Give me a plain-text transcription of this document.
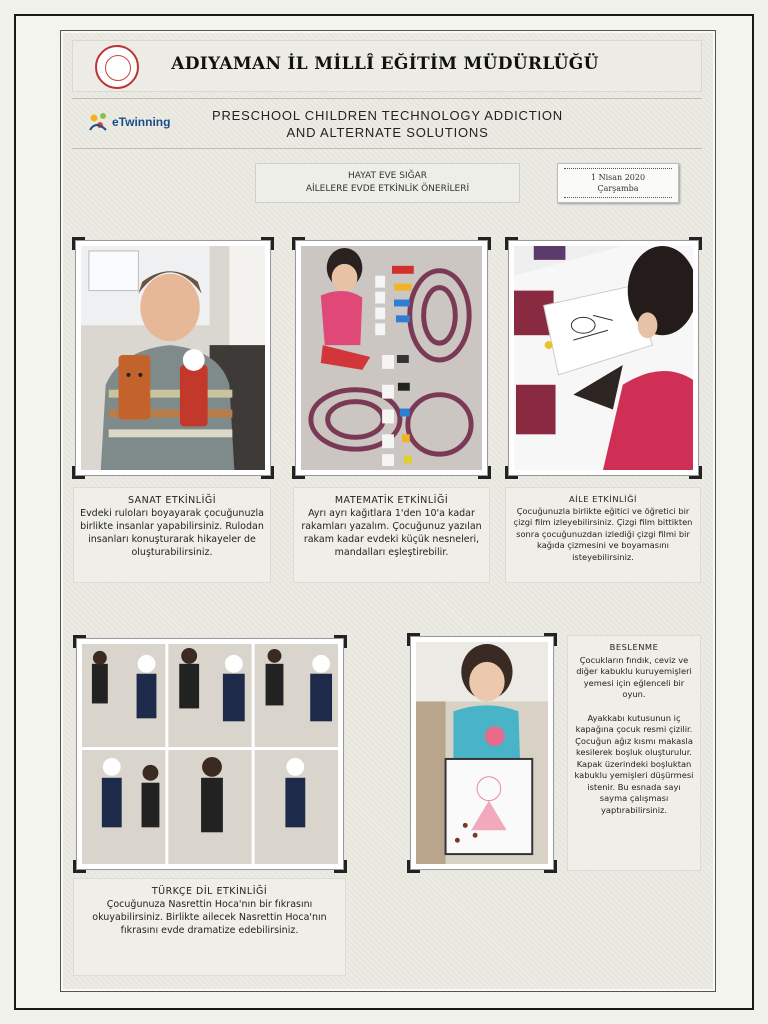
ADIYAMAN İL MİLLÎ EĞİTİM MÜDÜRLÜĞÜ
eTwinning	PRESCHOOL CHILDREN TECHNOLOGY ADDICTION
AND ALTERNATE SOLUTIONS
HAYAT EVE SIĞAR
AİLELERE EVDE ETKİNLİK ÖNERİLERİ
1 Nisan 2020
Çarşamba
SANAT ETKİNLİĞİ
Evdeki ruloları boyayarak çocuğunuzla birlikte insanlar yapabilirsiniz. Rulodan insanları konuşturarak hikayeler de oluşturabilirsiniz.
MATEMATİK ETKİNLİĞİ
Ayrı ayrı kağıtlara 1'den 10'a kadar rakamları yazalım. Çocuğunuz yazılan rakam kadar evdeki küçük nesneleri, mandalları eşleştirebilir.
AİLE ETKİNLİĞİ
Çocuğunuzla birlikte eğitici ve öğretici bir çizgi film izleyebilirsiniz. Çizgi film bittikten sonra çocuğunuzdan izlediği çizgi filmi bir kağıda çizmesini ve boyamasını isteyebilirsiniz.
BESLENME
Çocukların fındık, ceviz ve diğer kabuklu kuruyemişleri yemesi için eğlenceli bir oyun.
Ayakkabı kutusunun iç kapağına çocuk resmi çizilir. Çocuğun ağız kısmı makasla kesilerek boşluk oluşturulur. Kapak üzerindeki boşluktan kabuklu yemişleri düşürmesi istenir. Bu esnada sayı sayma çalışması yaptırabilirsiniz.
TÜRKÇE DİL ETKİNLİĞİ
Çocuğunuza Nasrettin Hoca'nın bir fıkrasını okuyabilirsiniz. Birlikte ailecek Nasrettin Hoca'nın fıkrasını evde dramatize edebilirsiniz.
